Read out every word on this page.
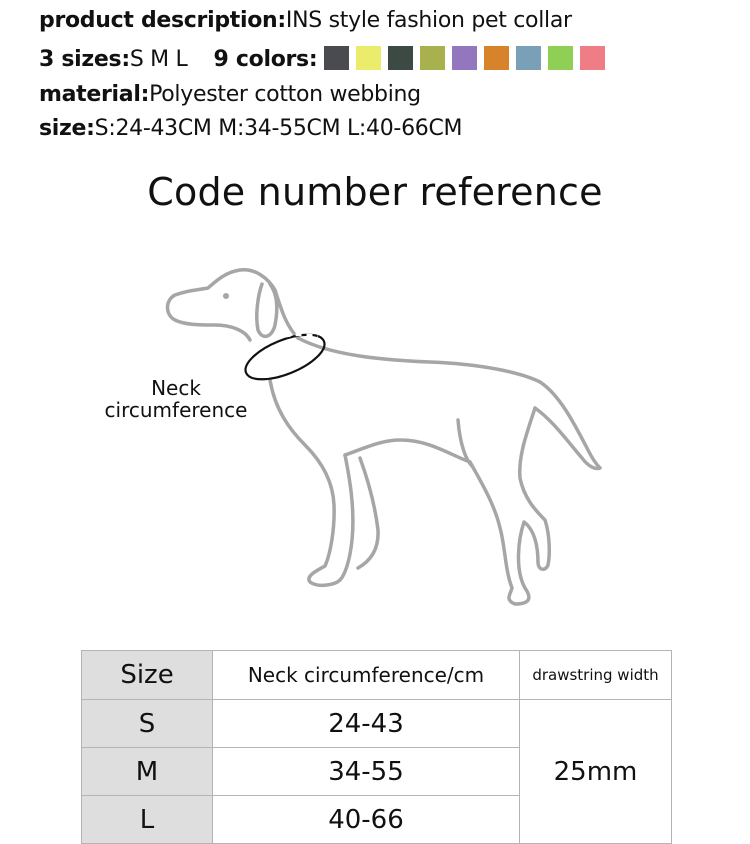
product description:INS style fashion pet collar
3 sizes:S M L 9 colors:
material:Polyester cotton webbing
size:S:24-43CM M:34-55CM L:40-66CM
Code number reference
Neck
circumference
Size	Neck circumference/cm	drawstring width
S	24-43	25mm
M	34-55	
L	40-66	
